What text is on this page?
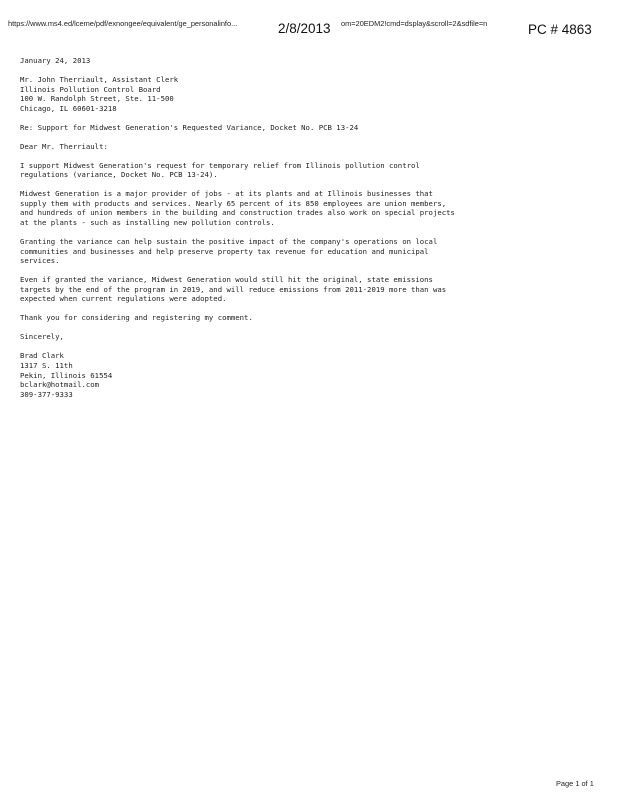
https://www.ms4.ed/lceme/pdf/exnongee/equivalent/ge_personalinfo...	2/8/2013 om=20EDM2!cmd=dsplay&scroll=2&sdfile=n	PC # 4863
January 24, 2013
Mr. John Therriault, Assistant Clerk
Illinois Pollution Control Board
100 W. Randolph Street, Ste. 11-500
Chicago, IL 60601-3218
Re: Support for Midwest Generation's Requested Variance, Docket No. PCB 13-24
Dear Mr. Therriault:
I support Midwest Generation's request for temporary relief from Illinois pollution control
regulations (variance, Docket No. PCB 13-24).
Midwest Generation is a major provider of jobs - at its plants and at Illinois businesses that
supply them with products and services. Nearly 65 percent of its 850 employees are union members,
and hundreds of union members in the building and construction trades also work on special projects
at the plants - such as installing new pollution controls.
Granting the variance can help sustain the positive impact of the company's operations on local
communities and businesses and help preserve property tax revenue for education and municipal
services.
Even if granted the variance, Midwest Generation would still hit the original, state emissions
targets by the end of the program in 2019, and will reduce emissions from 2011-2019 more than was
expected when current regulations were adopted.
Thank you for considering and registering my comment.
Sincerely,
Brad Clark
1317 S. 11th
Pekin, Illinois 61554
bclark@hotmail.com
309-377-9333
Page 1 of 1
